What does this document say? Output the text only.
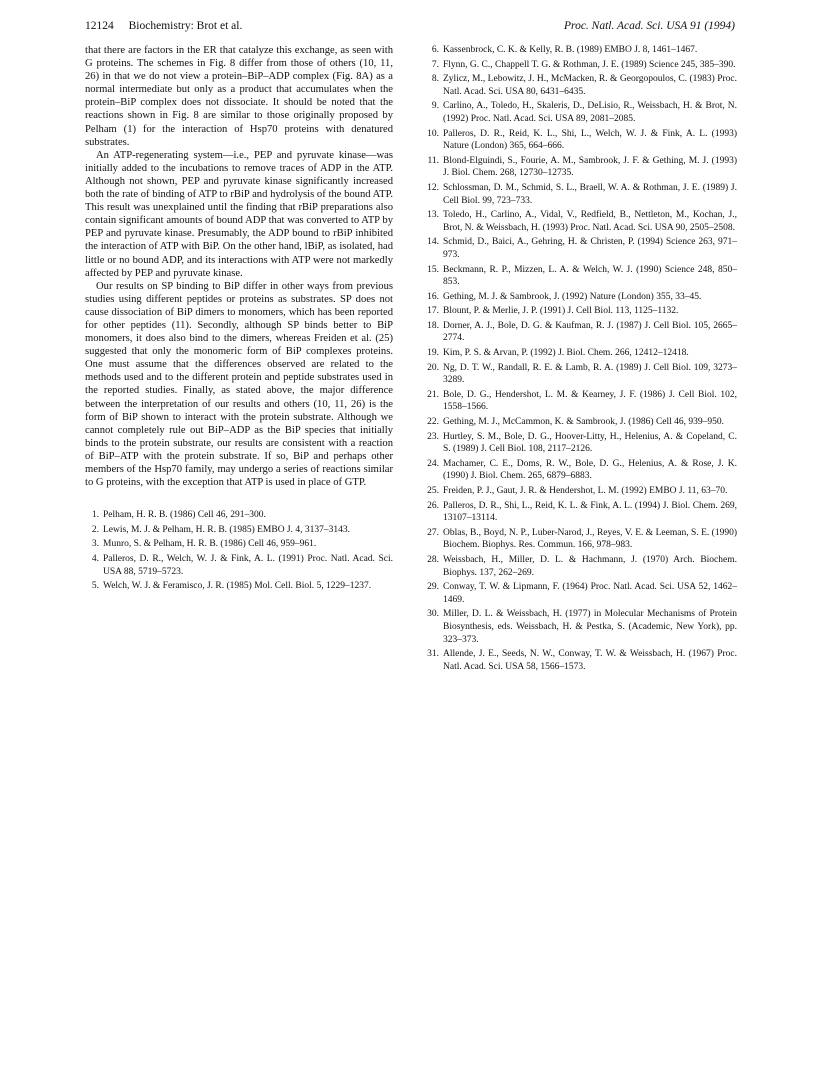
12124 Biochemistry: Brot et al.	Proc. Natl. Acad. Sci. USA 91 (1994)

that there are factors in the ER that catalyze this exchange, as seen with G proteins. The schemes in Fig. 8 differ from those of others (10, 11, 26) in that we do not view a protein–BiP–ADP complex (Fig. 8A) as a normal intermediate but only as a product that accumulates when the protein–BiP complex does not dissociate. It should be noted that the reactions shown in Fig. 8 are similar to those originally proposed by Pelham (1) for the interaction of Hsp70 proteins with denatured substrates.

An ATP-regenerating system—i.e., PEP and pyruvate kinase—was initially added to the incubations to remove traces of ADP in the ATP. Although not shown, PEP and pyruvate kinase significantly increased both the rate of binding of ATP to rBiP and hydrolysis of the bound ATP. This result was unexplained until the finding that rBiP preparations also contain significant amounts of bound ADP that was converted to ATP by PEP and pyruvate kinase. Presumably, the ADP bound to rBiP inhibited the interaction of ATP with BiP. On the other hand, lBiP, as isolated, had little or no bound ADP, and its interactions with ATP were not markedly affected by PEP and pyruvate kinase.

Our results on SP binding to BiP differ in other ways from previous studies using different peptides or proteins as substrates. SP does not cause dissociation of BiP dimers to monomers, which has been reported for other peptides (11). Secondly, although SP binds better to BiP monomers, it does also bind to the dimers, whereas Freiden et al. (25) suggested that only the monomeric form of BiP complexes proteins. One must assume that the differences observed are related to the methods used and to the different protein and peptide substrates used in the reported studies. Finally, as stated above, the major difference between the interpretation of our results and others (10, 11, 26) is the form of BiP shown to interact with the protein substrate. Although we cannot completely rule out BiP–ADP as the BiP species that initially binds to the protein substrate, our results are consistent with a reaction of BiP–ATP with the protein substrate. If so, BiP and perhaps other members of the Hsp70 family, may undergo a series of reactions similar to G proteins, with the exception that ATP is used in place of GTP.

1. Pelham, H. R. B. (1986) Cell 46, 291–300.
2. Lewis, M. J. & Pelham, H. R. B. (1985) EMBO J. 4, 3137–3143.
3. Munro, S. & Pelham, H. R. B. (1986) Cell 46, 959–961.
4. Palleros, D. R., Welch, W. J. & Fink, A. L. (1991) Proc. Natl. Acad. Sci. USA 88, 5719–5723.
5. Welch, W. J. & Feramisco, J. R. (1985) Mol. Cell. Biol. 5, 1229–1237.
6. Kassenbrock, C. K. & Kelly, R. B. (1989) EMBO J. 8, 1461–1467.
7. Flynn, G. C., Chappell T. G. & Rothman, J. E. (1989) Science 245, 385–390.
8. Zylicz, M., Lebowitz, J. H., McMacken, R. & Georgopoulos, C. (1983) Proc. Natl. Acad. Sci. USA 80, 6431–6435.
9. Carlino, A., Toledo, H., Skaleris, D., DeLisio, R., Weissbach, H. & Brot, N. (1992) Proc. Natl. Acad. Sci. USA 89, 2081–2085.
10. Palleros, D. R., Reid, K. L., Shi, L., Welch, W. J. & Fink, A. L. (1993) Nature (London) 365, 664–666.
11. Blond-Elguindi, S., Fourie, A. M., Sambrook, J. F. & Gething, M. J. (1993) J. Biol. Chem. 268, 12730–12735.
12. Schlossman, D. M., Schmid, S. L., Braell, W. A. & Rothman, J. E. (1989) J. Cell Biol. 99, 723–733.
13. Toledo, H., Carlino, A., Vidal, V., Redfield, B., Nettleton, M., Kochan, J., Brot, N. & Weissbach, H. (1993) Proc. Natl. Acad. Sci. USA 90, 2505–2508.
14. Schmid, D., Baici, A., Gehring, H. & Christen, P. (1994) Science 263, 971–973.
15. Beckmann, R. P., Mizzen, L. A. & Welch, W. J. (1990) Science 248, 850–853.
16. Gething, M. J. & Sambrook, J. (1992) Nature (London) 355, 33–45.
17. Blount, P. & Merlie, J. P. (1991) J. Cell Biol. 113, 1125–1132.
18. Dorner, A. J., Bole, D. G. & Kaufman, R. J. (1987) J. Cell Biol. 105, 2665–2774.
19. Kim, P. S. & Arvan, P. (1992) J. Biol. Chem. 266, 12412–12418.
20. Ng, D. T. W., Randall, R. E. & Lamb, R. A. (1989) J. Cell Biol. 109, 3273–3289.
21. Bole, D. G., Hendershot, L. M. & Kearney, J. F. (1986) J. Cell Biol. 102, 1558–1566.
22. Gething, M. J., McCammon, K. & Sambrook, J. (1986) Cell 46, 939–950.
23. Hurtley, S. M., Bole, D. G., Hoover-Litty, H., Helenius, A. & Copeland, C. S. (1989) J. Cell Biol. 108, 2117–2126.
24. Machamer, C. E., Doms, R. W., Bole, D. G., Helenius, A. & Rose, J. K. (1990) J. Biol. Chem. 265, 6879–6883.
25. Freiden, P. J., Gaut, J. R. & Hendershot, L. M. (1992) EMBO J. 11, 63–70.
26. Palleros, D. R., Shi, L., Reid, K. L. & Fink, A. L. (1994) J. Biol. Chem. 269, 13107–13114.
27. Oblas, B., Boyd, N. P., Luber-Narod, J., Reyes, V. E. & Leeman, S. E. (1990) Biochem. Biophys. Res. Commun. 166, 978–983.
28. Weissbach, H., Miller, D. L. & Hachmann, J. (1970) Arch. Biochem. Biophys. 137, 262–269.
29. Conway, T. W. & Lipmann, F. (1964) Proc. Natl. Acad. Sci. USA 52, 1462–1469.
30. Miller, D. L. & Weissbach, H. (1977) in Molecular Mechanisms of Protein Biosynthesis, eds. Weissbach, H. & Pestka, S. (Academic, New York), pp. 323–373.
31. Allende, J. E., Seeds, N. W., Conway, T. W. & Weissbach, H. (1967) Proc. Natl. Acad. Sci. USA 58, 1566–1573.
